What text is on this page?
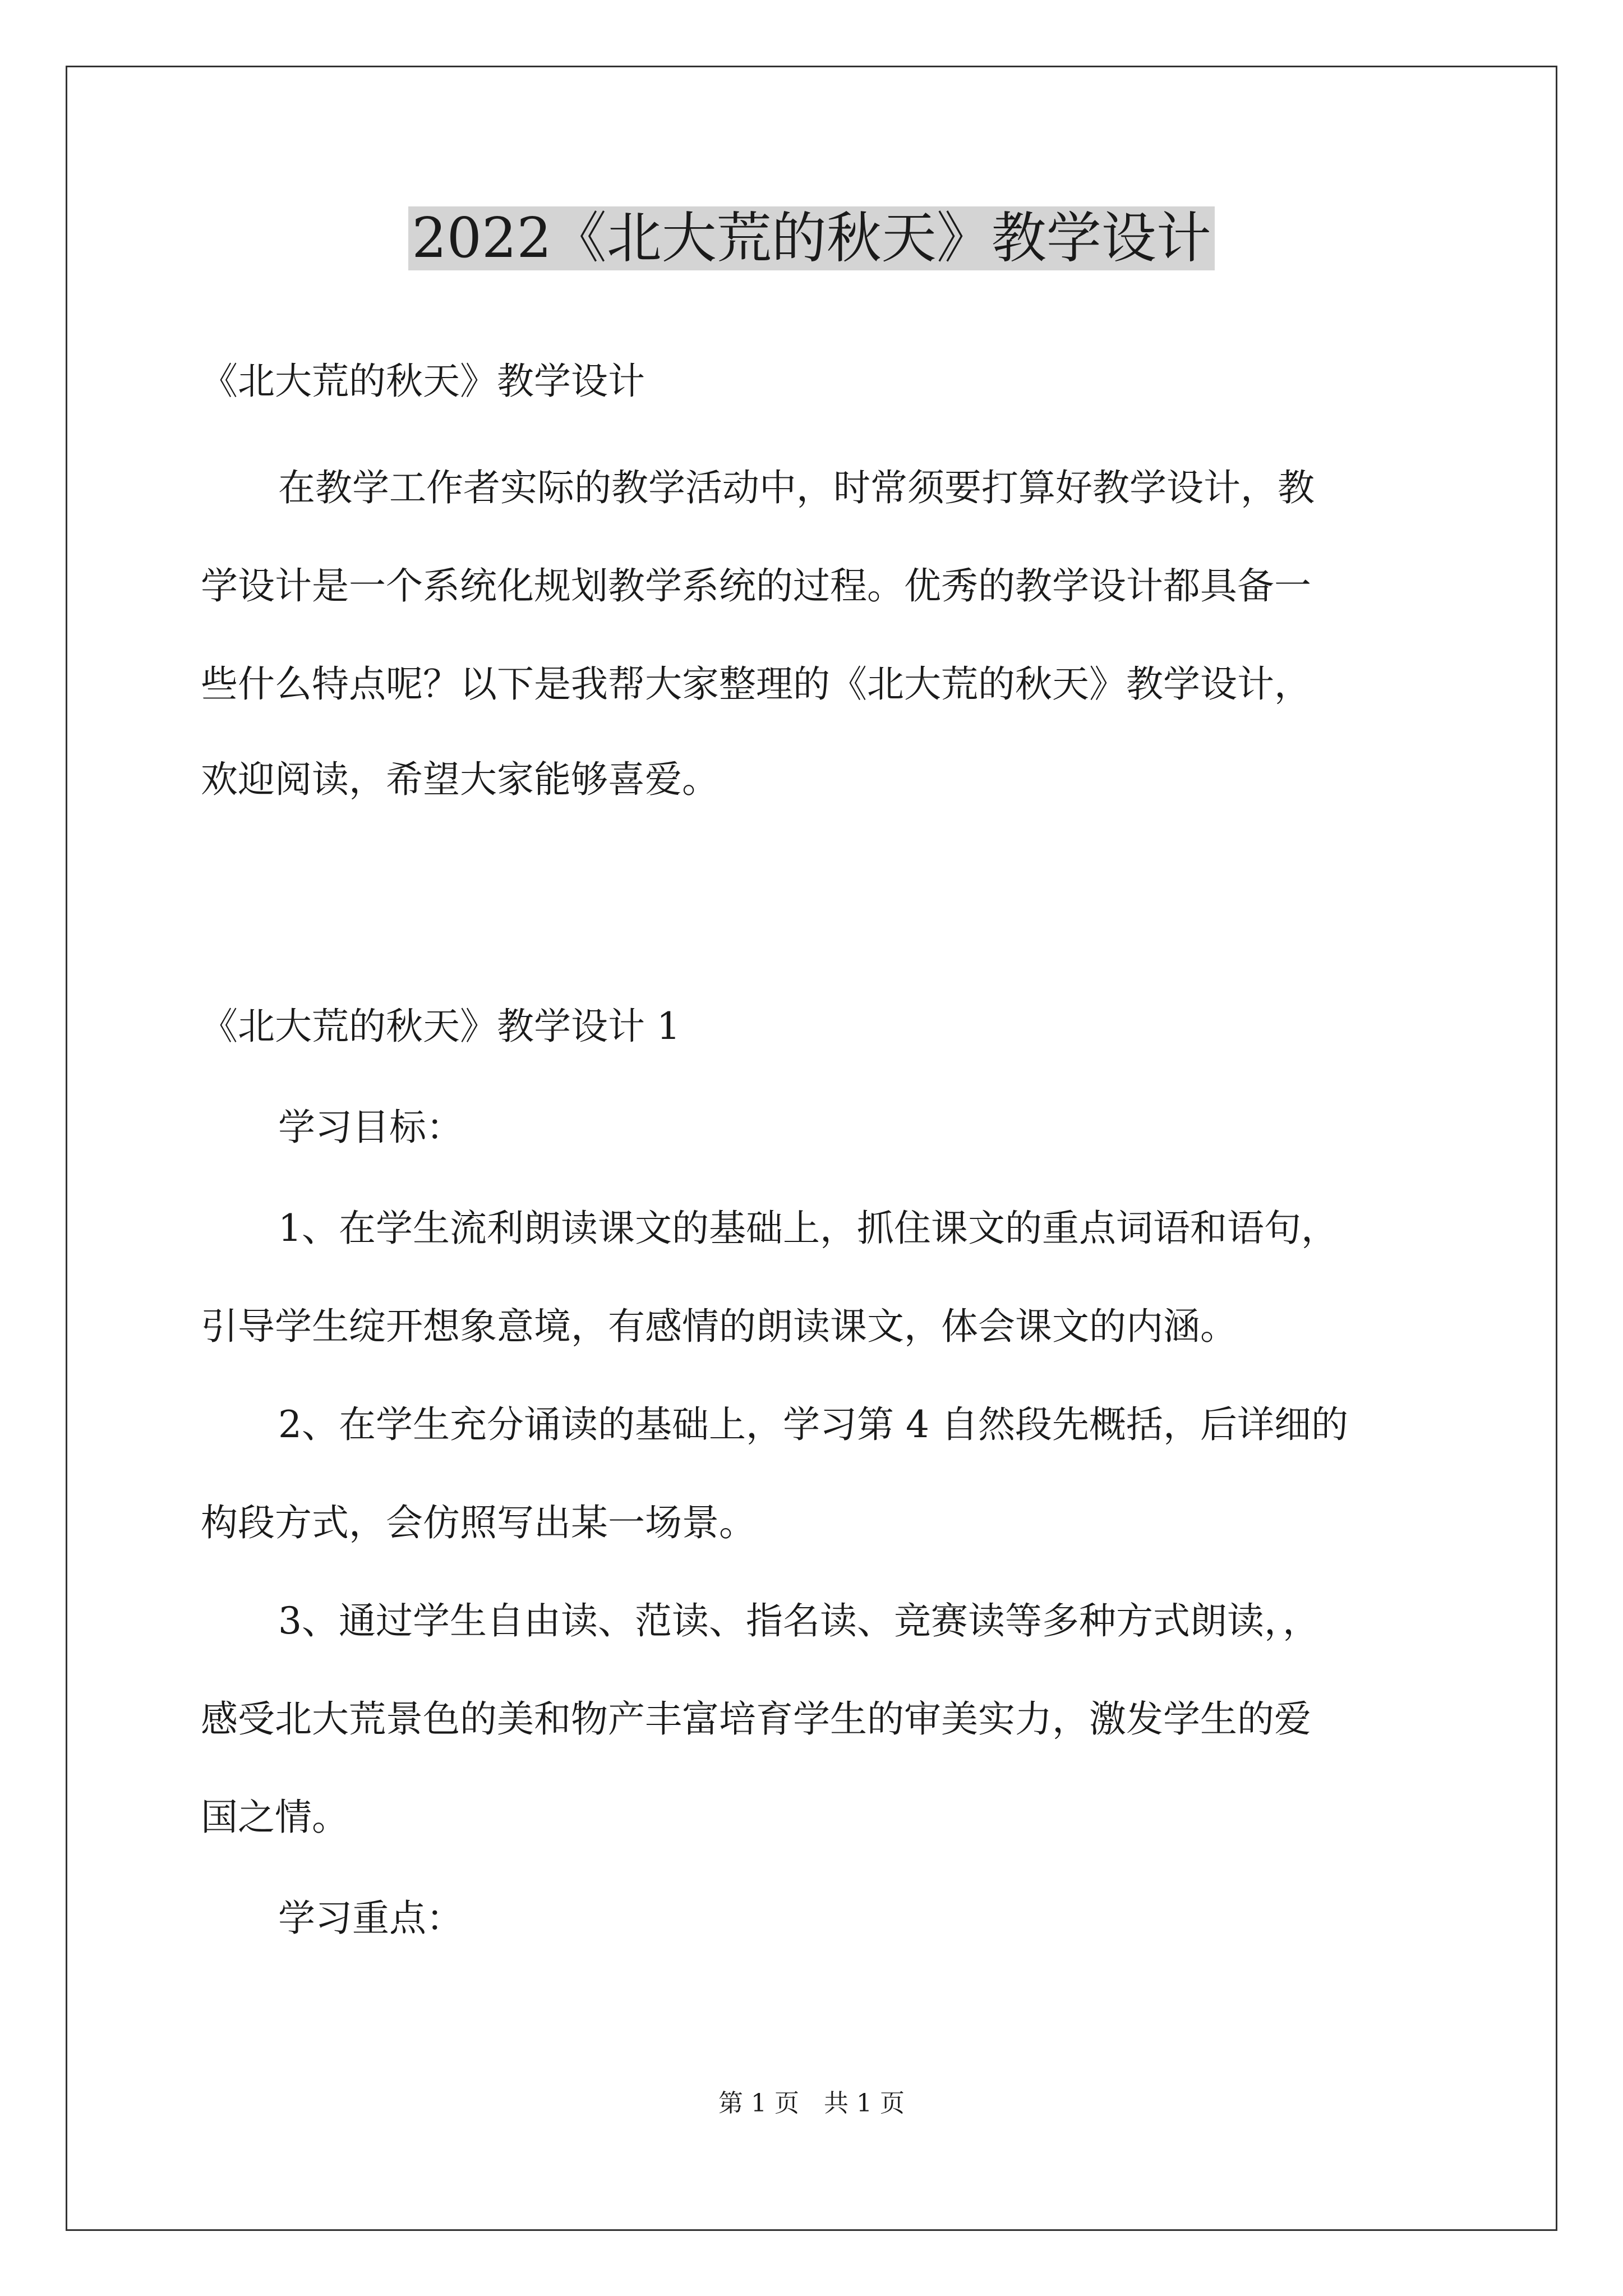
2022《北大荒的秋天》教学设计
《北大荒的秋天》教学设计
在教学工作者实际的教学活动中，时常须要打算好教学设计，教
学设计是一个系统化规划教学系统的过程。优秀的教学设计都具备一
些什么特点呢？以下是我帮大家整理的《北大荒的秋天》教学设计，
欢迎阅读，希望大家能够喜爱。
《北大荒的秋天》教学设计 1
学习目标：
1、在学生流利朗读课文的基础上，抓住课文的重点词语和语句，
引导学生绽开想象意境，有感情的朗读课文，体会课文的内涵。
2、在学生充分诵读的基础上，学习第 4 自然段先概括，后详细的
构段方式，会仿照写出某一场景。
3、通过学生自由读、范读、指名读、竞赛读等多种方式朗读，，
感受北大荒景色的美和物产丰富培育学生的审美实力，激发学生的爱
国之情。
学习重点：
第 1 页　共 1 页
